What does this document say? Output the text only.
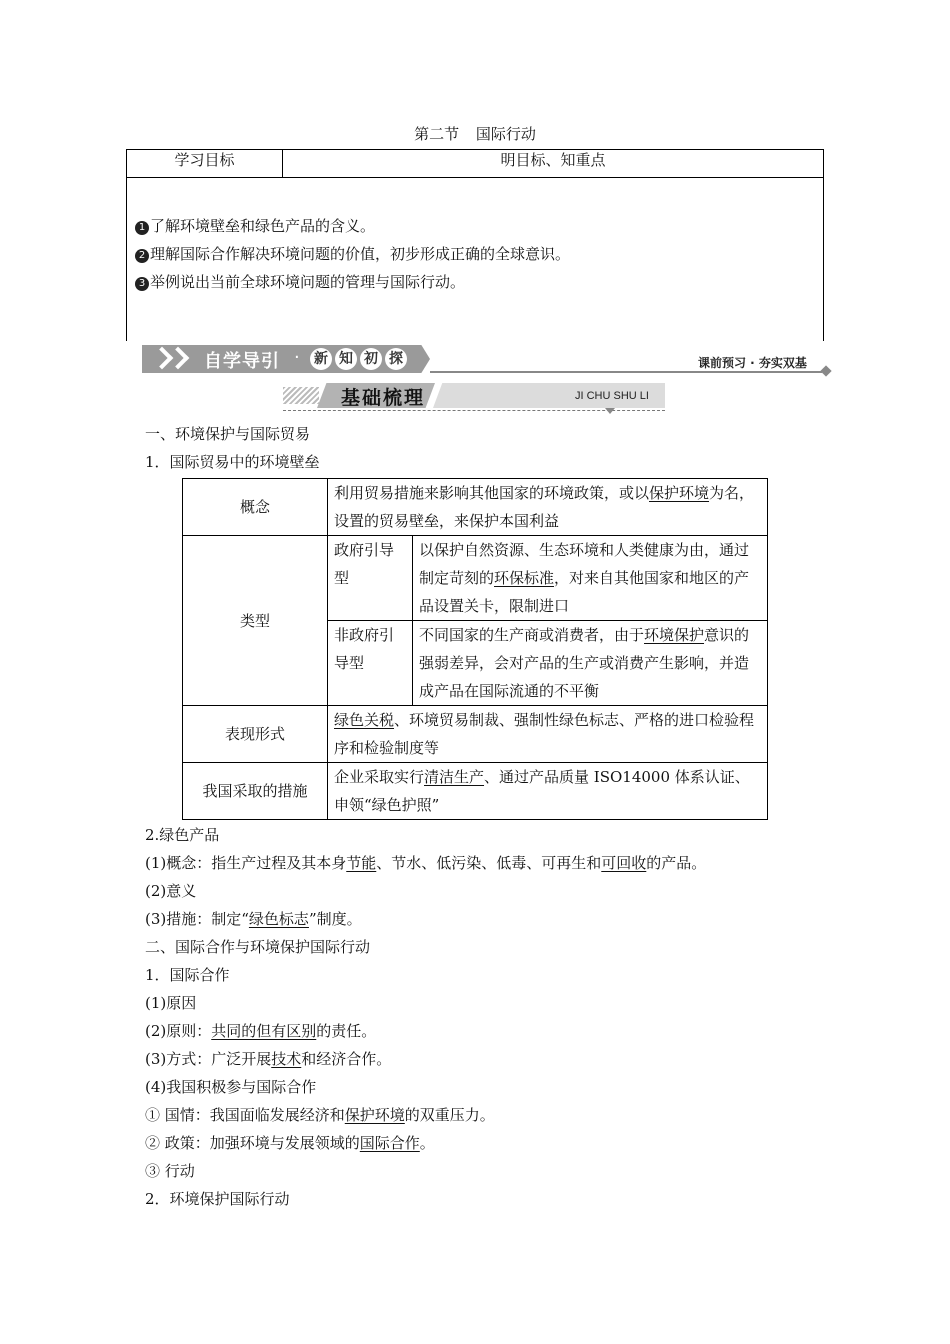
第二节 国际行动
学习目标	明目标、知重点
1 了解环境壁垒和绿色产品的含义。
2 理解国际合作解决环境问题的价值，初步形成正确的全球意识。
3 举例说出当前全球环境问题的管理与国际行动。
自学导引 · 新 知 初 探	课前预习 · 夯实双基
基础梳理	JI CHU SHU LI
一、环境保护与国际贸易
1．国际贸易中的环境壁垒
概念	利用贸易措施来影响其他国家的环境政策，或以保护环境为名，设置的贸易壁垒，来保护本国利益	
类型	政府引导型	以保护自然资源、生态环境和人类健康为由，通过制定苛刻的环保标准，对来自其他国家和地区的产品设置关卡，限制进口
	非政府引导型	不同国家的生产商或消费者，由于环境保护意识的强弱差异，会对产品的生产或消费产生影响，并造成产品在国际流通的不平衡
表现形式	绿色关税、环境贸易制裁、强制性绿色标志、严格的进口检验程序和检验制度等	
我国采取的措施	企业采取实行清洁生产、通过产品质量 ISO14000 体系认证、申领“绿色护照”	
2.绿色产品
(1)概念：指生产过程及其本身节能、节水、低污染、低毒、可再生和可回收的产品。
(2)意义
(3)措施：制定“绿色标志”制度。
二、国际合作与环境保护国际行动
1．国际合作
(1)原因
(2)原则：共同的但有区别的责任。
(3)方式：广泛开展技术和经济合作。
(4)我国积极参与国际合作
① 国情：我国面临发展经济和保护环境的双重压力。
② 政策：加强环境与发展领域的国际合作。
③ 行动
2．环境保护国际行动
